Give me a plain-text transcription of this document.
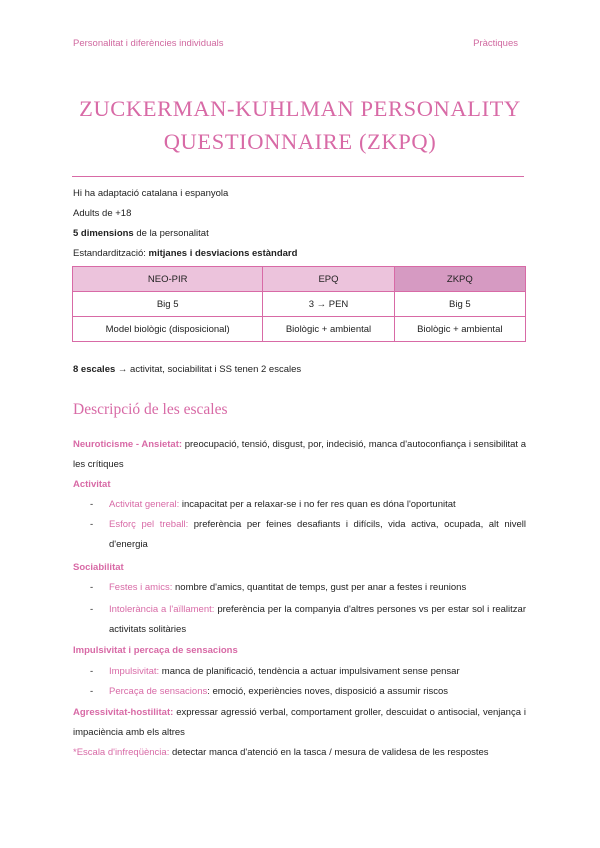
Personalitat i diferències individuals	Pràctiques
ZUCKERMAN-KUHLMAN PERSONALITY
QUESTIONNAIRE (ZKPQ)
Hi ha adaptació catalana i espanyola
Adults de +18
5 dimensions de la personalitat
Estandardització: mitjanes i desviacions estàndard
NEO-PIR	EPQ	ZKPQ
Big 5	3 → PEN	Big 5
Model biològic (disposicional)	Biològic + ambiental	Biològic + ambiental
8 escales → activitat, sociabilitat i SS tenen 2 escales
Descripció de les escales
Neuroticisme - Ansietat: preocupació, tensió, disgust, por, indecisió, manca d'autoconfiança i sensibilitat a les crítiques
Activitat
- Activitat general: incapacitat per a relaxar-se i no fer res quan es dóna l'oportunitat
- Esforç pel treball: preferència per feines desafiants i difícils, vida activa, ocupada, alt nivell d'energia
Sociabilitat
- Festes i amics: nombre d'amics, quantitat de temps, gust per anar a festes i reunions
- Intolerància a l'aïllament: preferència per la companyia d'altres persones vs per estar sol i realitzar activitats solitàries
Impulsivitat i percaça de sensacions
- Impulsivitat: manca de planificació, tendència a actuar impulsivament sense pensar
- Percaça de sensacions: emoció, experiències noves, disposició a assumir riscos
Agressivitat-hostilitat: expressar agressió verbal, comportament groller, descuidat o antisocial, venjança i impaciència amb els altres
*Escala d'infreqüència: detectar manca d'atenció en la tasca / mesura de validesa de les respostes
